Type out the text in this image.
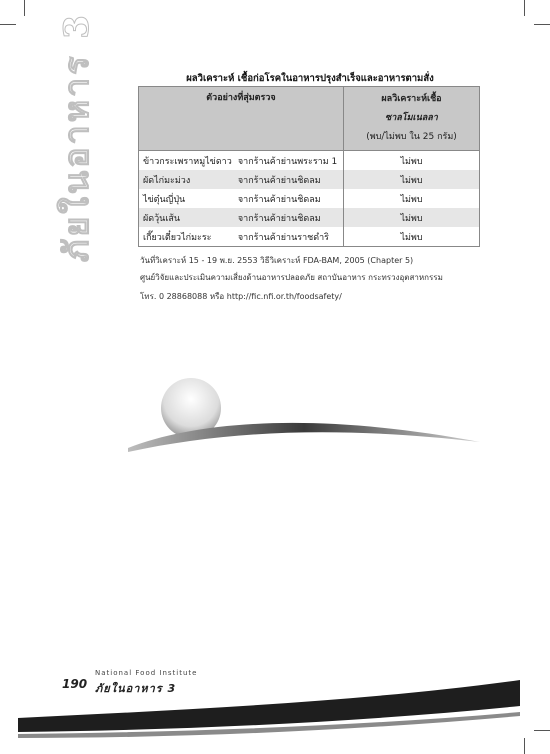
ภัยในอาหาร 3	ผลวิเคราะห์ เชื้อก่อโรคในอาหารปรุงสำเร็จและอาหารตามสั่ง
ตัวอย่างที่สุ่มตรวจ	ผลวิเคราะห์เชื้อ
ซาลโมเนลลา
(พบ/ไม่พบ ใน 25 กรัม)

ข้าวกระเพราหมูไข่ดาว จากร้านค้าย่านพระราม 1	ไม่พบ
ผัดไก่มะม่วง จากร้านค้าย่านชิดลม	ไม่พบ
ไข่ตุ๋นญี่ปุ่น จากร้านค้าย่านชิดลม	ไม่พบ
ผัดวุ้นเส้น จากร้านค้าย่านชิดลม	ไม่พบ
เกี๊ยวเตี๋ยวไก่มะระ จากร้านค้าย่านราชดำริ	ไม่พบ
วันที่วิเคราะห์ 15 - 19 พ.ย. 2553 วิธีวิเคราะห์ FDA-BAM, 2005 (Chapter 5)
ศูนย์วิจัยและประเมินความเสี่ยงด้านอาหารปลอดภัย สถาบันอาหาร กระทรวงอุตสาหกรรม
โทร. 0 28868088 หรือ http://fic.nfi.or.th/foodsafety/
190
National Food Institute
ภัยในอาหาร 3
